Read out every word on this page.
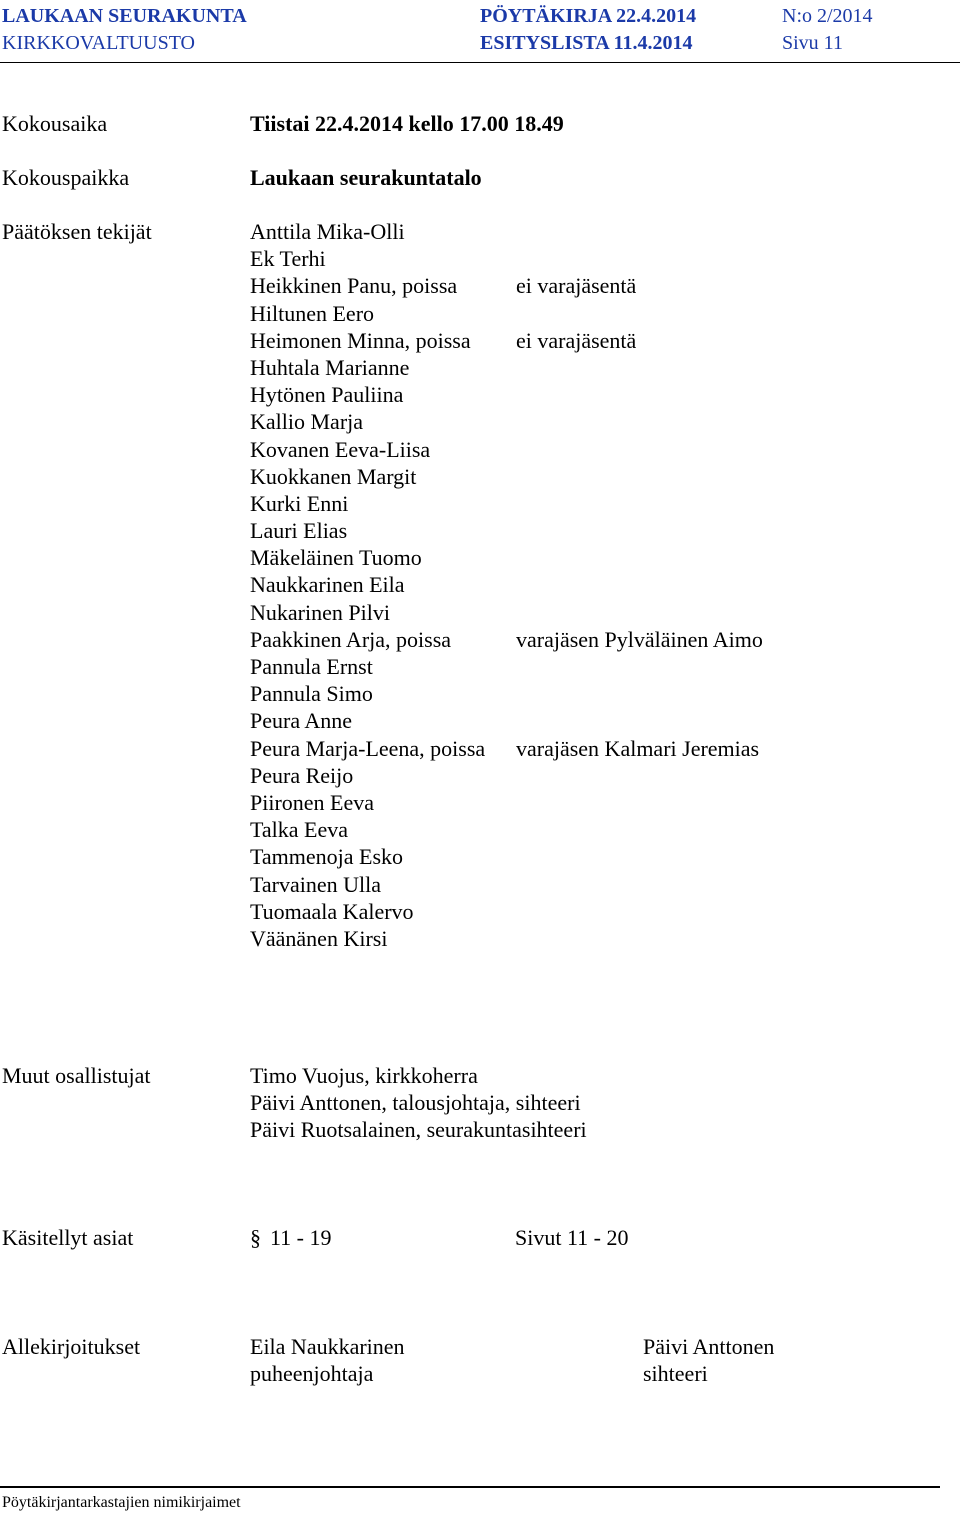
LAUKAAN SEURAKUNTA
KIRKKOVALTUUSTO
PÖYTÄKIRJA 22.4.2014
ESITYSLISTA 11.4.2014
N:o 2/2014
Sivu 11
Kokousaika	Tiistai 22.4.2014 kello 17.00 18.49
Kokouspaikka	Laukaan seurakuntatalo
Päätöksen tekijät	Anttila Mika-Olli
Ek Terhi
Heikkinen Panu, poissa	ei varajäsentä
Hiltunen Eero
Heimonen Minna, poissa ei varajäsentä
Huhtala Marianne
Hytönen Pauliina
Kallio Marja
Kovanen Eeva-Liisa
Kuokkanen Margit
Kurki Enni
Lauri Elias
Mäkeläinen Tuomo
Naukkarinen Eila
Nukarinen Pilvi
Paakkinen Arja, poissa	varajäsen Pylväläinen Aimo
Pannula Ernst
Pannula Simo
Peura Anne
Peura Marja-Leena, poissa varajäsen Kalmari Jeremias
Peura Reijo
Piironen Eeva
Talka Eeva
Tammenoja Esko
Tarvainen Ulla
Tuomaala Kalervo
Väänänen Kirsi
Muut osallistujat	Timo Vuojus, kirkkoherra
Päivi Anttonen, talousjohtaja, sihteeri
Päivi Ruotsalainen, seurakuntasihteeri
Käsitellyt asiat	§ 11 - 19	Sivut 11 - 20
Allekirjoitukset	Eila Naukkarinen
puheenjohtaja
Päivi Anttonen
sihteeri
Pöytäkirjantarkastajien nimikirjaimet
